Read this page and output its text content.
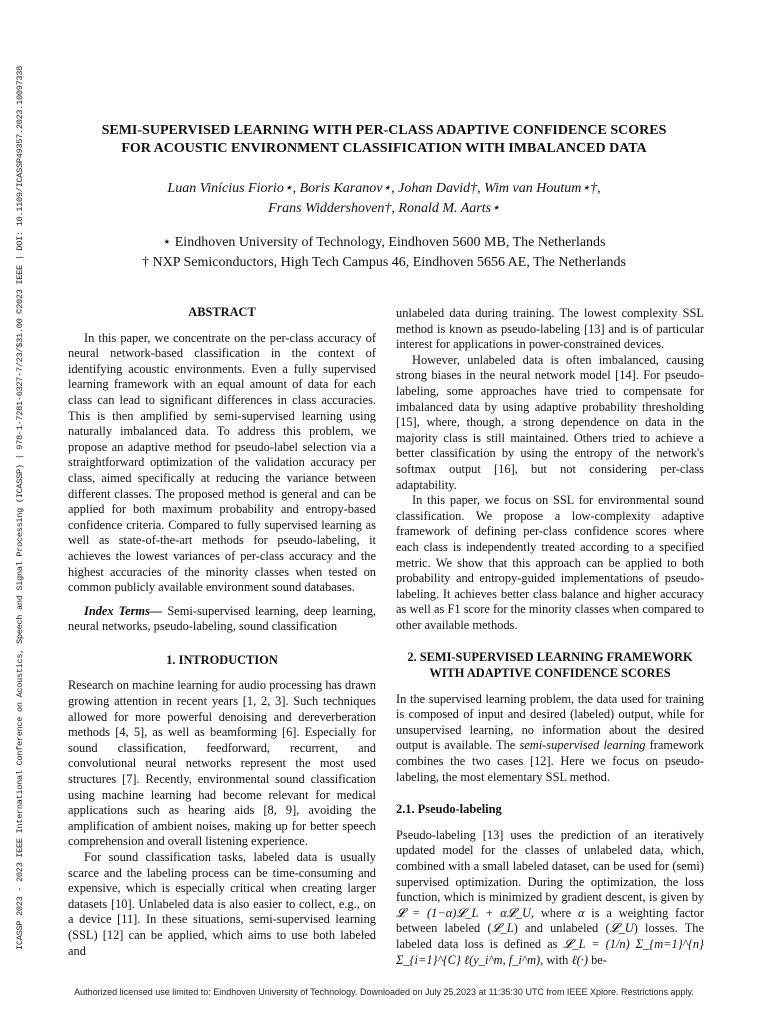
ICASSP 2023 - 2023 IEEE International Conference on Acoustics, Speech and Signal Processing (ICASSP) | 978-1-7281-6327-7/23/$31.00 ©2023 IEEE | DOI: 10.1109/ICASSP49357.2023.10097338	SEMI-SUPERVISED LEARNING WITH PER-CLASS ADAPTIVE CONFIDENCE SCORES
FOR ACOUSTIC ENVIRONMENT CLASSIFICATION WITH IMBALANCED DATA
Luan Vinícius Fiorio⋆, Boris Karanov⋆, Johan David†, Wim van Houtum⋆†,
Frans Widdershoven†, Ronald M. Aarts⋆
⋆ Eindhoven University of Technology, Eindhoven 5600 MB, The Netherlands
† NXP Semiconductors, High Tech Campus 46, Eindhoven 5656 AE, The Netherlands
ABSTRACT

In this paper, we concentrate on the per-class accuracy of neural network-based classification in the context of identifying acoustic environments. Even a fully supervised learning framework with an equal amount of data for each class can lead to significant differences in class accuracies. This is then amplified by semi-supervised learning using naturally imbalanced data. To address this problem, we propose an adaptive method for pseudo-label selection via a straightforward optimization of the validation accuracy per class, aimed specifically at reducing the variance between different classes. The proposed method is general and can be applied for both maximum probability and entropy-based confidence criteria. Compared to fully supervised learning as well as state-of-the-art methods for pseudo-labeling, it achieves the lowest variances of per-class accuracy and the highest accuracies of the minority classes when tested on common publicly available environment sound databases.

Index Terms— Semi-supervised learning, deep learning, neural networks, pseudo-labeling, sound classification

1. INTRODUCTION

Research on machine learning for audio processing has drawn growing attention in recent years [1, 2, 3]. Such techniques allowed for more powerful denoising and dereverberation methods [4, 5], as well as beamforming [6]. Especially for sound classification, feedforward, recurrent, and convolutional neural networks represent the most used structures [7]. Recently, environmental sound classification using machine learning had become relevant for medical applications such as hearing aids [8, 9], avoiding the amplification of ambient noises, making up for better speech comprehension and overall listening experience.

For sound classification tasks, labeled data is usually scarce and the labeling process can be time-consuming and expensive, which is especially critical when creating larger datasets [10]. Unlabeled data is also easier to collect, e.g., on a device [11]. In these situations, semi-supervised learning (SSL) [12] can be applied, which aims to use both labeled and

unlabeled data during training. The lowest complexity SSL method is known as pseudo-labeling [13] and is of particular interest for applications in power-constrained devices.

However, unlabeled data is often imbalanced, causing strong biases in the neural network model [14]. For pseudo-labeling, some approaches have tried to compensate for imbalanced data by using adaptive probability thresholding [15], where, though, a strong dependence on data in the majority class is still maintained. Others tried to achieve a better classification by using the entropy of the network's softmax output [16], but not considering per-class adaptability.

In this paper, we focus on SSL for environmental sound classification. We propose a low-complexity adaptive framework of defining per-class confidence scores where each class is independently treated according to a specified metric. We show that this approach can be applied to both probability and entropy-guided implementations of pseudo-labeling. It achieves better class balance and higher accuracy as well as F1 score for the minority classes when compared to other available methods.

2. SEMI-SUPERVISED LEARNING FRAMEWORK
WITH ADAPTIVE CONFIDENCE SCORES

In the supervised learning problem, the data used for training is composed of input and desired (labeled) output, while for unsupervised learning, no information about the desired output is available. The semi-supervised learning framework combines the two cases [12]. Here we focus on pseudo-labeling, the most elementary SSL method.

2.1. Pseudo-labeling

Pseudo-labeling [13] uses the prediction of an iteratively updated model for the classes of unlabeled data, which, combined with a small labeled dataset, can be used for (semi) supervised optimization. During the optimization, the loss function, which is minimized by gradient descent, is given by 𝓛 = (1−α)𝓛_L + α𝓛_U, where α is a weighting factor between labeled (𝓛_L) and unlabeled (𝓛_U) losses. The labeled data loss is defined as 𝓛_L = (1/n) Σ_{m=1}^{n} Σ_{i=1}^{C} ℓ(y_i^m, f_i^m), with ℓ(·) be-

Authorized licensed use limited to: Eindhoven University of Technology. Downloaded on July 25,2023 at 11:35:30 UTC from IEEE Xplore. Restrictions apply.
